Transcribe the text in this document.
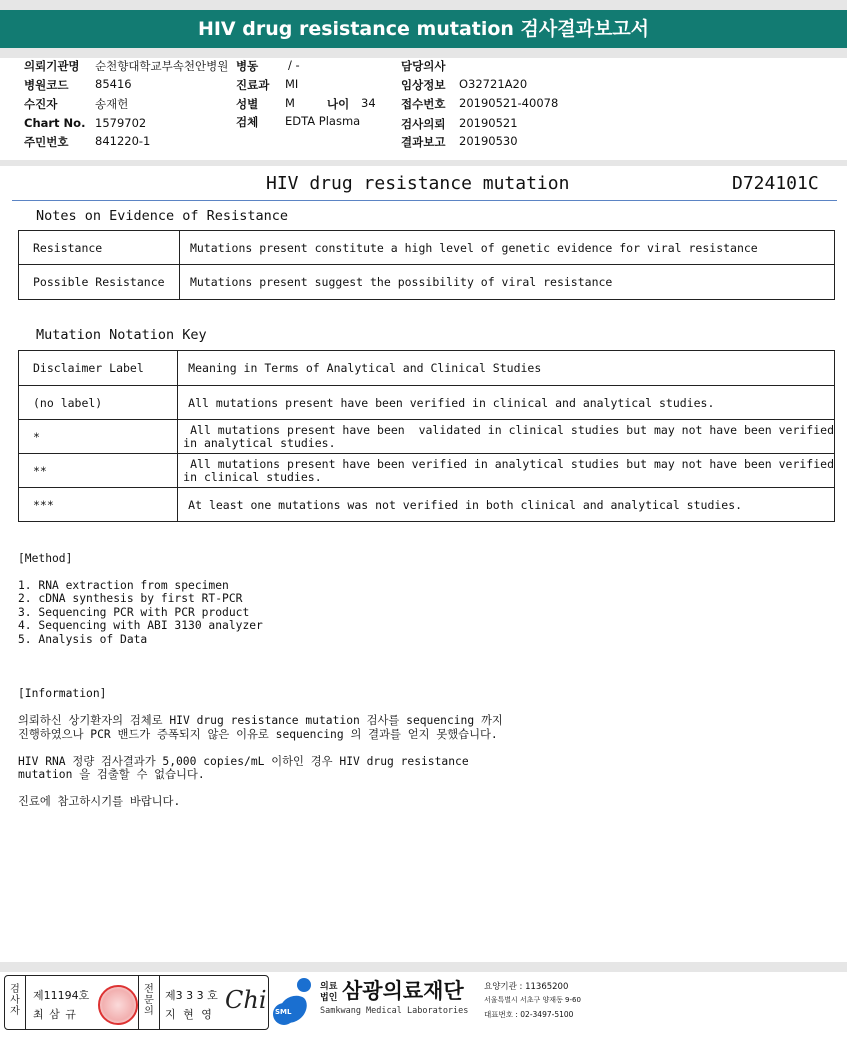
HIV drug resistance mutation 검사결과보고서
의뢰기관명 순천향대학교부속천안병원 병동	/ -	담당의사
병원코드 85416	진료과 MI	임상정보 O32721A20
수진자	송재헌	성별 M	나이 34 접수번호 20190521-40078
Chart No. 1579702	검체 EDTA Plasma	검사의뢰 20190521
주민번호 841220-1	결과보고 20190530
HIV drug resistance mutation	D724101C
Notes on Evidence of Resistance
Resistance	Mutations present constitute a high level of genetic evidence for viral resistance
Possible Resistance	Mutations present suggest the possibility of viral resistance
Mutation Notation Key
Disclaimer Label	Meaning in Terms of Analytical and Clinical Studies
(no label)	All mutations present have been verified in clinical and analytical studies.
*	All mutations present have been  validated in clinical studies but may not have been verified
in analytical studies.

**	All mutations present have been verified in analytical studies but may not have been verified
in clinical studies.

***	At least one mutations was not verified in both clinical and analytical studies.
[Method]
1. RNA extraction from specimen
2. cDNA synthesis by first RT-PCR
3. Sequencing PCR with PCR product
4. Sequencing with ABI 3130 analyzer
5. Analysis of Data
[Information]
의뢰하신 상기환자의 검체로 HIV drug resistance mutation 검사를 sequencing 까지
진행하였으나 PCR 밴드가 증폭되지 않은 이유로 sequencing 의 결과를 얻지 못했습니다.
HIV RNA 정량 검사결과가 5,000 copies/mL 이하인 경우 HIV drug resistance
mutation 을 검출할 수 없습니다.
진료에 참고하시기를 바랍니다.
검사자
제11194호
최 삼 규
전문의
제3 3 3 호
지 현 영
Chi SML
의료
법인 삼광의료재단
Samkwang Medical Laboratories
요양기관 : 11365200
서울특별시 서초구 양재동 9-60
대표번호 : 02-3497-5100
